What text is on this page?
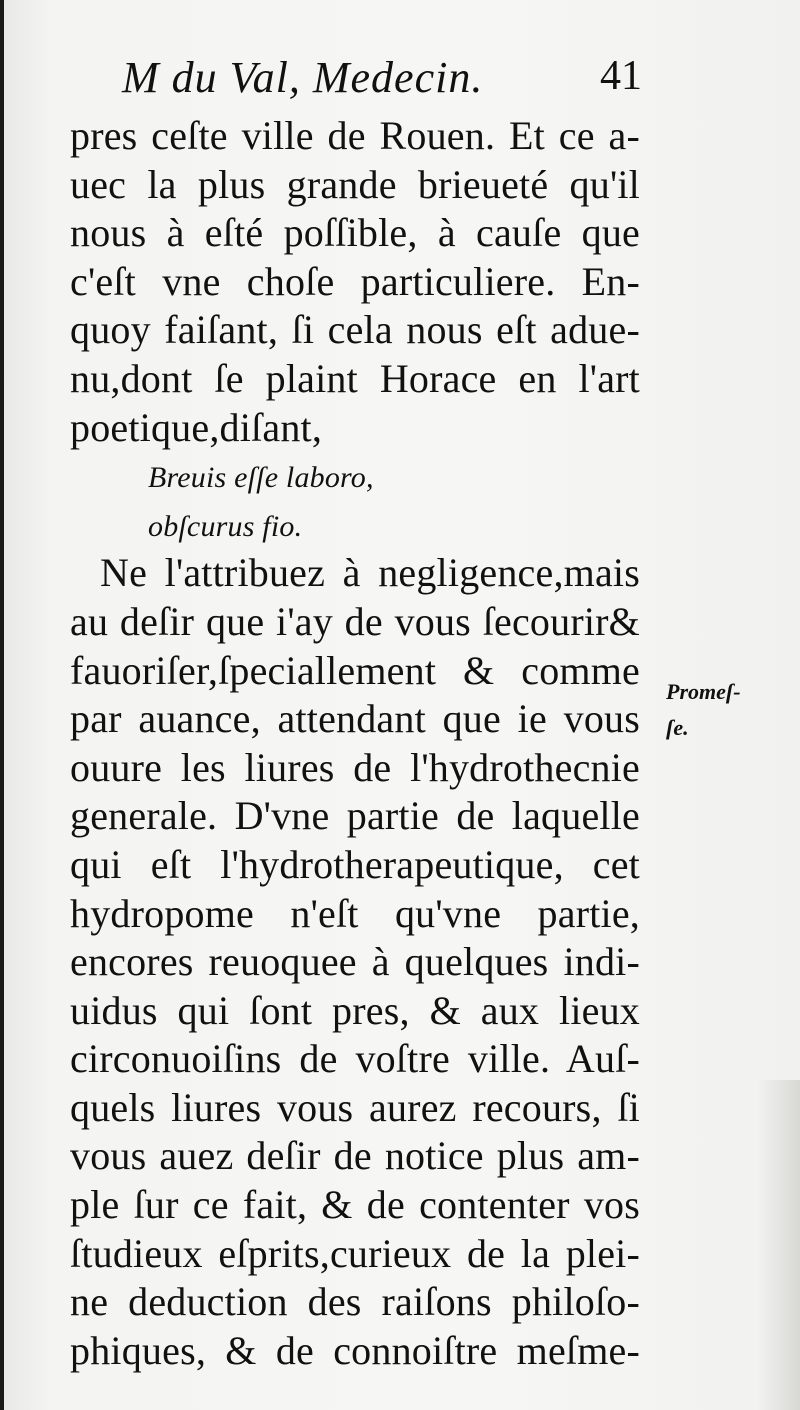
M du Val, Medecin.	41
pres ceſte ville de Rouen. Et ce a-
uec la plus grande brieueté qu'il
nous à eſté poſſible, à cauſe que
c'eſt vne choſe particuliere. En-
quoy faiſant, ſi cela nous eſt adue-
nu,dont ſe plaint Horace en l'art
poetique,diſant,
Breuis eſſe laboro,
obſcurus fio.
Ne l'attribuez à negligence,mais
au deſir que i'ay de vous ſecourir&
fauoriſer,ſpeciallement & comme
par auance, attendant que ie vous
ouure les liures de l'hydrothecnie
generale. D'vne partie de laquelle
qui eſt l'hydrotherapeutique, cet
hydropome n'eſt qu'vne partie,
encores reuoquee à quelques indi-
uidus qui ſont pres, & aux lieux
circonuoiſins de voſtre ville. Auſ-
quels liures vous aurez recours, ſi
vous auez deſir de notice plus am-
ple ſur ce fait, & de contenter vos
ſtudieux eſprits,curieux de la plei-
ne deduction des raiſons philoſo-
phiques, & de connoiſtre meſme-
Promeſ-
ſe.
